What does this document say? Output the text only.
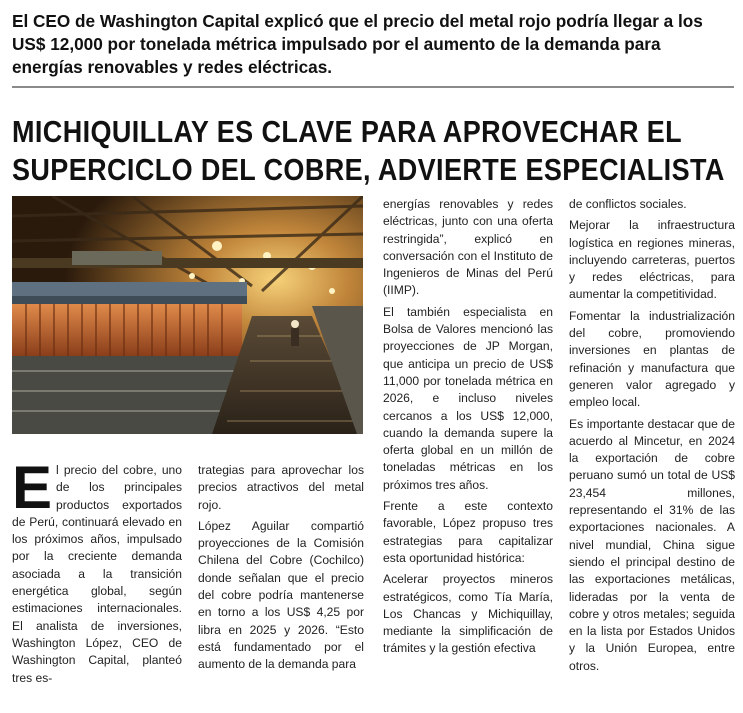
El CEO de Washington Capital explicó que el precio del metal rojo podría llegar a los US$ 12,000 por tonelada métrica impulsado por el aumento de la demanda para energías renovables y redes eléctricas.
MICHIQUILLAY ES CLAVE PARA APROVECHAR EL
SUPERCICLO DEL COBRE, ADVIERTE ESPECIALISTA

El precio del cobre, uno de los principales productos exportados de Perú, continuará elevado en los próximos años, impulsado por la creciente demanda asociada a la transición energética global, según estimaciones internacionales. El analista de inversiones, Washington López, CEO de Washington Capital, planteó tres es-

trategias para aprovechar los precios atractivos del metal rojo.

López Aguilar compartió proyecciones de la Comisión Chilena del Cobre (Cochilco) donde señalan que el precio del cobre podría mantenerse en torno a los US$ 4,25 por libra en 2025 y 2026. “Esto está fundamentado por el aumento de la demanda para

energías renovables y redes eléctricas, junto con una oferta restringida”, explicó en conversación con el Instituto de Ingenieros de Minas del Perú (IIMP).

El también especialista en Bolsa de Valores mencionó las proyecciones de JP Morgan, que anticipa un precio de US$ 11,000 por tonelada métrica en 2026, e incluso niveles cercanos a los US$ 12,000, cuando la demanda supere la oferta global en un millón de toneladas métricas en los próximos tres años.

Frente a este contexto favorable, López propuso tres estrategias para capitalizar esta oportunidad histórica:

Acelerar proyectos mineros estratégicos, como Tía María, Los Chancas y Michiquillay, mediante la simplificación de trámites y la gestión efectiva

de conflictos sociales.

Mejorar la infraestructura logística en regiones mineras, incluyendo carreteras, puertos y redes eléctricas, para aumentar la competitividad.

Fomentar la industrialización del cobre, promoviendo inversiones en plantas de refinación y manufactura que generen valor agregado y empleo local.

Es importante destacar que de acuerdo al Mincetur, en 2024 la exportación de cobre peruano sumó un total de US$ 23,454 millones, representando el 31% de las exportaciones nacionales. A nivel mundial, China sigue siendo el principal destino de las exportaciones metálicas, lideradas por la venta de cobre y otros metales; seguida en la lista por Estados Unidos y la Unión Europea, entre otros.
